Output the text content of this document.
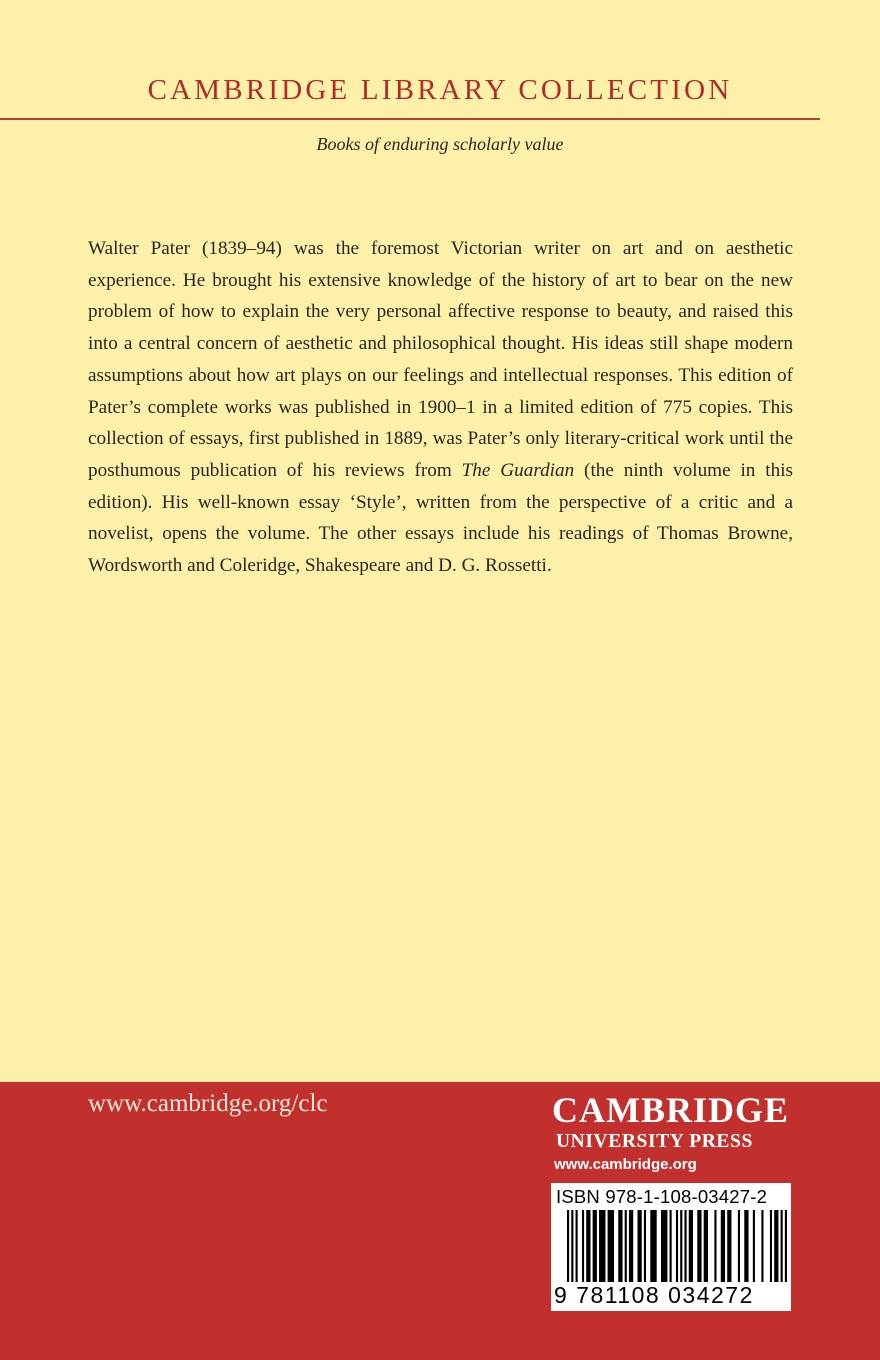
CAMBRIDGE LIBRARY COLLECTION
Books of enduring scholarly value
Walter Pater (1839–94) was the foremost Victorian writer on art and on aesthetic experience. He brought his extensive knowledge of the history of art to bear on the new problem of how to explain the very personal affective response to beauty, and raised this into a central concern of aesthetic and philosophical thought. His ideas still shape modern assumptions about how art plays on our feelings and intellectual responses. This edition of Pater’s complete works was published in 1900–1 in a limited edition of 775 copies. This collection of essays, first published in 1889, was Pater’s only literary-critical work until the posthumous publication of his reviews from The Guardian (the ninth volume in this edition). His well-known essay ‘Style’, written from the perspective of a critic and a novelist, opens the volume. The other essays include his readings of Thomas Browne, Wordsworth and Coleridge, Shakespeare and D. G. Rossetti.
www.cambridge.org/clc	CAMBRIDGE
UNIVERSITY PRESS
www.cambridge.org
ISBN 978-1-108-03427-2
9 781108 034272
